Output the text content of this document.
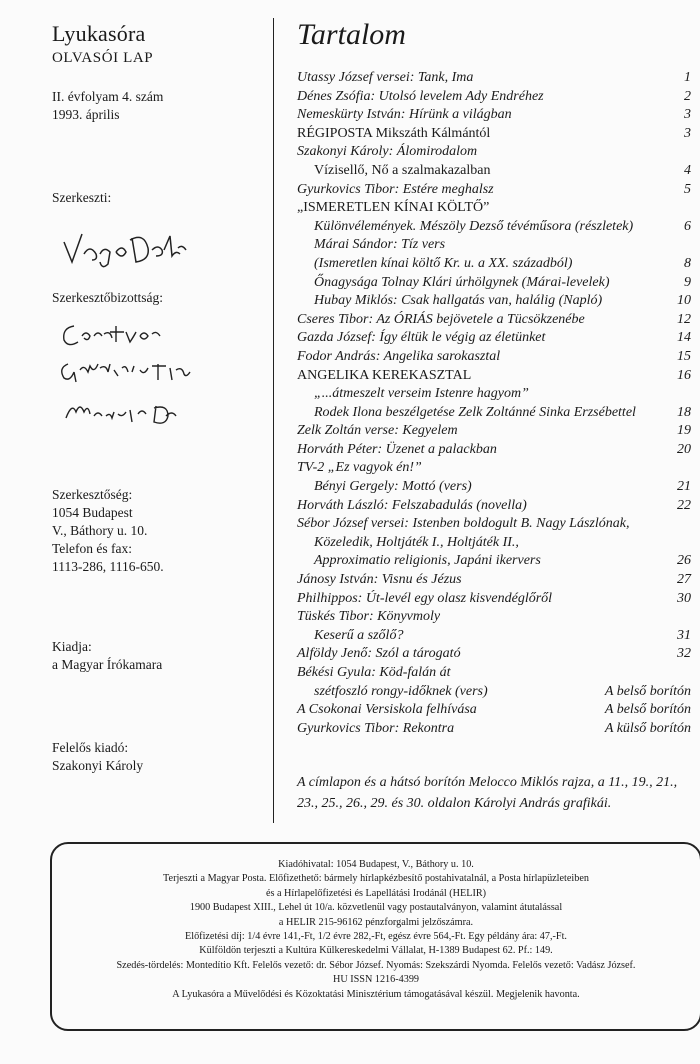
Lyukasóra
OLVASÓI LAP
II. évfolyam 4. szám
1993. április
Szerkeszti:
Szerkesztőbizottság:
Szerkesztőség:
1054 Budapest
V., Báthory u. 10.
Telefon és fax:
1113-286, 1116-650.
Kiadja:
a Magyar Írókamara
Felelős kiadó:
Szakonyi Károly
Tartalom
Utassy József versei: Tank, Ima	1
Dénes Zsófia: Utolsó levelem Ady Endréhez	2
Nemeskürty István: Hírünk a világban	3
RÉGIPOSTA Mikszáth Kálmántól	3
Szakonyi Károly: Álomirodalom
Vízisellő, Nő a szalmakazalban	4
Gyurkovics Tibor: Estére meghalsz	5
„ISMERETLEN KÍNAI KÖLTŐ”
Különvélemények. Mészöly Dezső tévéműsora (részletek)	6
Márai Sándor: Tíz vers
(Ismeretlen kínai költő Kr. u. a XX. századból)	8
Őnagysága Tolnay Klári úrhölgynek (Márai-levelek)	9
Hubay Miklós: Csak hallgatás van, halálig (Napló)	10
Cseres Tibor: Az ÓRIÁS bejövetele a Tücsökzenébe	12
Gazda József: Így éltük le végig az életünket	14
Fodor András: Angelika sarokasztal	15
ANGELIKA KEREKASZTAL	16
„...átmeszelt verseim Istenre hagyom”
Rodek Ilona beszélgetése Zelk Zoltánné Sinka Erzsébettel	18
Zelk Zoltán verse: Kegyelem	19
Horváth Péter: Üzenet a palackban	20
TV-2 „Ez vagyok én!”
Bényi Gergely: Mottó (vers)	21
Horváth László: Felszabadulás (novella)	22
Sébor József versei: Istenben boldogult B. Nagy Lászlónak,
Közeledik, Holtjáték I., Holtjáték II.,
Approximatio religionis, Japáni ikervers	26
Jánosy István: Visnu és Jézus	27
Philhippos: Út-levél egy olasz kisvendéglőről	30
Tüskés Tibor: Könyvmoly
Keserű a szőlő?	31
Alföldy Jenő: Szól a tárogató	32
Békési Gyula: Köd-falán át
szétfoszló rongy-időknek (vers)	A belső borítón
A Csokonai Versiskola felhívása	A belső borítón
Gyurkovics Tibor: Rekontra	A külső borítón
A címlapon és a hátsó borítón Melocco Miklós rajza, a 11., 19., 21., 23., 25., 26., 29. és 30. oldalon Károlyi András grafikái.
Kiadóhivatal: 1054 Budapest, V., Báthory u. 10.
Terjeszti a Magyar Posta. Előfizethető: bármely hírlapkézbesítő postahivatalnál, a Posta hírlapüzleteiben
és a Hírlapelőfizetési és Lapellátási Irodánál (HELIR)
1900 Budapest XIII., Lehel út 10/a. közvetlenül vagy postautalványon, valamint átutalással
a HELIR 215-96162 pénzforgalmi jelzőszámra.
Előfizetési díj: 1/4 évre 141,-Ft, 1/2 évre 282,-Ft, egész évre 564,-Ft. Egy példány ára: 47,-Ft.
Külföldön terjeszti a Kultúra Külkereskedelmi Vállalat, H-1389 Budapest 62. Pf.: 149.
Szedés-tördelés: Montedítio Kft. Felelős vezető: dr. Sébor József. Nyomás: Szekszárdi Nyomda. Felelős vezető: Vadász József.
HU ISSN 1216-4399
A Lyukasóra a Művelődési és Közoktatási Minisztérium támogatásával készül. Megjelenik havonta.
